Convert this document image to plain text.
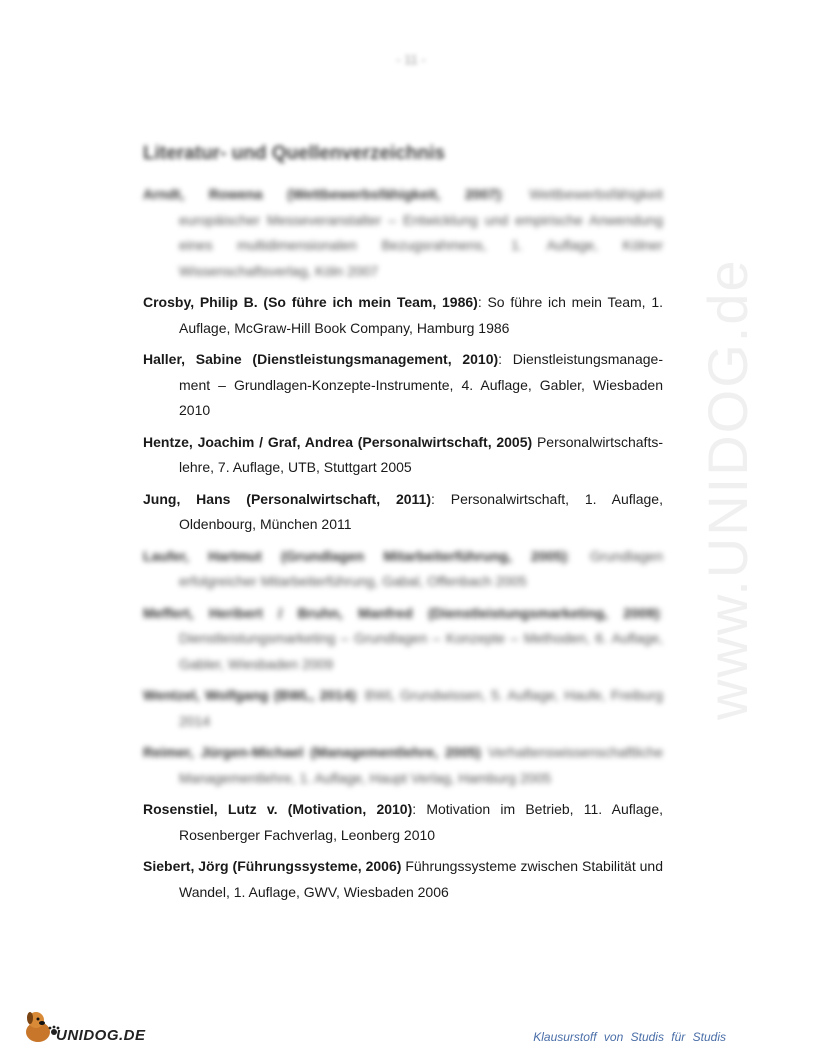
- 11 -
Literatur- und Quellenverzeichnis
Arndt, Rowena (Wettbewerbsfähigkeit, 2007): Wettbewerbsfähigkeit europäischer Messeveranstalter – Entwicklung und empirische Anwendung eines multidimensionalen Bezugsrahmens, 1. Auflage, Kölner Wissenschaftsverlag, Köln 2007
Crosby, Philip B. (So führe ich mein Team, 1986): So führe ich mein Team, 1. Auflage, McGraw-Hill Book Company, Hamburg 1986
Haller, Sabine (Dienstleistungsmanagement, 2010): Dienstleistungsmanage-ment – Grundlagen-Konzepte-Instrumente, 4. Auflage, Gabler, Wiesbaden 2010
Hentze, Joachim / Graf, Andrea (Personalwirtschaft, 2005) Personalwirtschafts-lehre, 7. Auflage, UTB, Stuttgart 2005
Jung, Hans (Personalwirtschaft, 2011): Personalwirtschaft, 1. Auflage, Oldenbourg, München 2011
Laufer, Hartmut (Grundlagen Mitarbeiterführung, 2005): Grundlagen erfolgreicher Mitarbeiterführung, Gabal, Offenbach 2005
Meffert, Heribert / Bruhn, Manfred (Dienstleistungsmarketing, 2009): Dienstleistungsmarketing – Grundlagen – Konzepte – Methoden, 6. Auflage, Gabler, Wiesbaden 2009
Wentzel, Wolfgang (BWL, 2014): BWL Grundwissen, 5. Auflage, Haufe, Freiburg 2014
Reimer, Jürgen-Michael (Managementlehre, 2005) Verhaltenswissenschaftliche Managementlehre, 1. Auflage, Haupt Verlag, Hamburg 2005
Rosenstiel, Lutz v. (Motivation, 2010): Motivation im Betrieb, 11. Auflage, Rosenberger Fachverlag, Leonberg 2010
Siebert, Jörg (Führungssysteme, 2006) Führungssysteme zwischen Stabilität und Wandel, 1. Auflage, GWV, Wiesbaden 2006
www.UNIDOG.de
UNIDOG.DE	Klausurstoff von Studis für Studis
